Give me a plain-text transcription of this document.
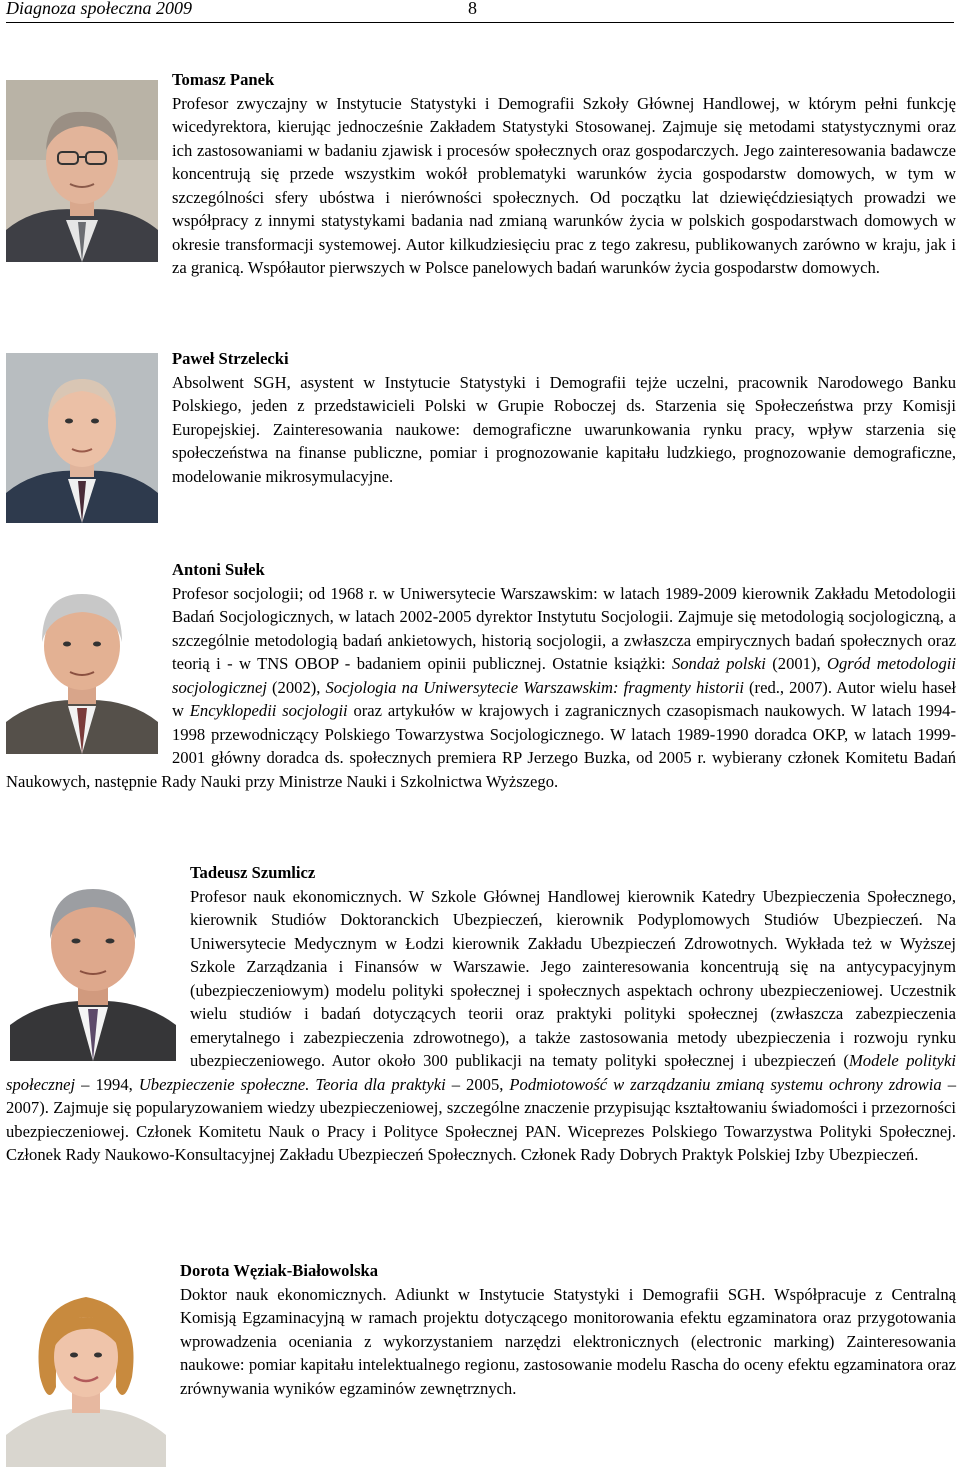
Diagnoza społeczna 2009	8
Tomasz Panek
Profesor zwyczajny w Instytucie Statystyki i Demografii Szkoły Głównej Handlowej, w którym pełni funkcję wicedyrektora, kierując jednocześnie Zakładem Statystyki Stosowanej. Zajmuje się metodami statystycznymi oraz ich zastosowaniami w badaniu zjawisk i procesów społecznych oraz gospodarczych. Jego zainteresowania badawcze koncentrują się przede wszystkim wokół problematyki warunków życia gospodarstw domowych, w tym w szczególności sfery ubóstwa i nierówności społecznych. Od początku lat dziewięćdziesiątych prowadzi we współpracy z innymi statystykami badania nad zmianą warunków życia w polskich gospodarstwach domowych w okresie transformacji systemowej. Autor kilkudziesięciu prac z tego zakresu, publikowanych zarówno w kraju, jak i za granicą. Współautor pierwszych w Polsce panelowych badań warunków życia gospodarstw domowych.
Paweł Strzelecki
Absolwent SGH, asystent w Instytucie Statystyki i Demografii tejże uczelni, pracownik Narodowego Banku Polskiego, jeden z przedstawicieli Polski w Grupie Roboczej ds. Starzenia się Społeczeństwa przy Komisji Europejskiej. Zainteresowania naukowe: demograficzne uwarunkowania rynku pracy, wpływ starzenia się społeczeństwa na finanse publiczne, pomiar i prognozowanie kapitału ludzkiego, prognozowanie demograficzne, modelowanie mikrosymulacyjne.
Antoni Sułek
Profesor socjologii; od 1968 r. w Uniwersytecie Warszawskim: w latach 1989-2009 kierownik Zakładu Metodologii Badań Socjologicznych, w latach 2002-2005 dyrektor Instytutu Socjologii. Zajmuje się metodologią socjologiczną, a szczególnie metodologią badań ankietowych, historią socjologii, a zwłaszcza empirycznych badań społecznych oraz teorią i - w TNS OBOP - badaniem opinii publicznej. Ostatnie książki: Sondaż polski (2001), Ogród metodologii socjologicznej (2002), Socjologia na Uniwersytecie Warszawskim: fragmenty historii (red., 2007). Autor wielu haseł w Encyklopedii socjologii oraz artykułów w krajowych i zagranicznych czasopismach naukowych. W latach 1994-1998 przewodniczący Polskiego Towarzystwa Socjologicznego. W latach 1989-1990 doradca OKP, w latach 1999-2001 główny doradca ds. społecznych premiera RP Jerzego Buzka, od 2005 r. wybierany członek Komitetu Badań Naukowych, następnie Rady Nauki przy Ministrze Nauki i Szkolnictwa Wyższego.
Tadeusz Szumlicz
Profesor nauk ekonomicznych. W Szkole Głównej Handlowej kierownik Katedry Ubezpieczenia Społecznego, kierownik Studiów Doktoranckich Ubezpieczeń, kierownik Podyplomowych Studiów Ubezpieczeń. Na Uniwersytecie Medycznym w Łodzi kierownik Zakładu Ubezpieczeń Zdrowotnych. Wykłada też w Wyższej Szkole Zarządzania i Finansów w Warszawie. Jego zainteresowania koncentrują się na antycypacyjnym (ubezpieczeniowym) modelu polityki społecznej i społecznych aspektach ochrony ubezpieczeniowej. Uczestnik wielu studiów i badań dotyczących teorii oraz praktyki polityki społecznej (zwłaszcza zabezpieczenia emerytalnego i zabezpieczenia zdrowotnego), a także zastosowania metody ubezpieczenia i rozwoju rynku ubezpieczeniowego. Autor około 300 publikacji na tematy polityki społecznej i ubezpieczeń (Modele polityki społecznej – 1994, Ubezpieczenie społeczne. Teoria dla praktyki – 2005, Podmiotowość w zarządzaniu zmianą systemu ochrony zdrowia – 2007). Zajmuje się popularyzowaniem wiedzy ubezpieczeniowej, szczególne znaczenie przypisując kształtowaniu świadomości i przezorności ubezpieczeniowej. Członek Komitetu Nauk o Pracy i Polityce Społecznej PAN. Wiceprezes Polskiego Towarzystwa Polityki Społecznej. Członek Rady Naukowo-Konsultacyjnej Zakładu Ubezpieczeń Społecznych. Członek Rady Dobrych Praktyk Polskiej Izby Ubezpieczeń.
Dorota Węziak-Białowolska
Doktor nauk ekonomicznych. Adiunkt w Instytucie Statystyki i Demografii SGH. Współpracuje z Centralną Komisją Egzaminacyjną w ramach projektu dotyczącego monitorowania efektu egzaminatora oraz przygotowania wprowadzenia oceniania z wykorzystaniem narzędzi elektronicznych (electronic marking) Zainteresowania naukowe: pomiar kapitału intelektualnego regionu, zastosowanie modelu Rascha do oceny efektu egzaminatora oraz zrównywania wyników egzaminów zewnętrznych.
